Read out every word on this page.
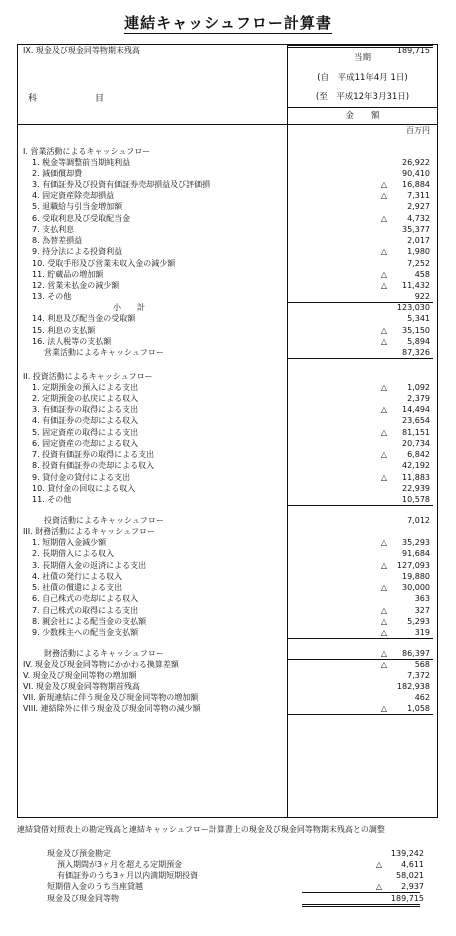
連結キャッシュフロー計算書
科	目
当期
(自　平成11年4月 1日)
(至　平成12年3月31日)
金　　額
百万円
I. 営業活動によるキャッシュフロー
1. 税金等調整前当期純利益	26,922
2. 減価償却費	90,410
3. 有価証券及び投資有価証券売却損益及び評価損	△ 16,884
4. 固定資産除売却損益	△	7,311
5. 退職給与引当金増加額	2,927
6. 受取利息及び受取配当金	△	4,732
7. 支払利息	35,377
8. 為替差損益	2,017
9. 持分法による投資利益	△	1,980
10. 受取手形及び営業未収入金の減少額	7,252
11. 貯蔵品の増加額	△	458
12. 営業未払金の減少額	△ 11,432
13. その他	922
小　　計	123,030
14. 利息及び配当金の受取額	5,341
15. 利息の支払額	△ 35,150
16. 法人税等の支払額	△	5,894
営業活動によるキャッシュフロー	87,326
II. 投資活動によるキャッシュフロー
1. 定期預金の預入による支出	△	1,092
2. 定期預金の払戻による収入	2,379
3. 有価証券の取得による支出	△ 14,494
4. 有価証券の売却による収入	23,654
5. 固定資産の取得による支出	△ 81,151
6. 固定資産の売却による収入	20,734
7. 投資有価証券の取得による支出	△	6,842
8. 投資有価証券の売却による収入	42,192
9. 貸付金の貸付による支出	△ 11,883
10. 貸付金の回収による収入	22,939
11. その他	10,578
投資活動によるキャッシュフロー	7,012
III. 財務活動によるキャッシュフロー
1. 短期借入金減少額	△ 35,293
2. 長期借入による収入	91,684
3. 長期借入金の返済による支出	△ 127,093
4. 社債の発行による収入	19,880
5. 社債の償還による支出	△ 30,000
6. 自己株式の売却による収入	363
7. 自己株式の取得による支出	△	327
8. 親会社による配当金の支払額	△	5,293
9. 少数株主への配当金支払額	△	319
財務活動によるキャッシュフロー	△ 86,397
IV. 現金及び現金同等物にかかわる換算差額	△	568
V. 現金及び現金同等物の増加額	7,372
VI. 現金及び現金同等物期首残高	182,938
VII. 新規連結に伴う現金及び現金同等物の増加額	462
VIII. 連結除外に伴う現金及び現金同等物の減少額	△	1,058
IX. 現金及び現金同等物期末残高	189,715
連結貸借対照表上の勘定残高と連結キャッシュフロー計算書上の現金及び現金同等物期末残高との調整
現金及び預金勘定	139,242
預入期間が3ヶ月を超える定期預金	△ 4,611
有価証券のうち3ヶ月以内満期短期投資	58,021
短期借入金のうち当座貸越	△ 2,937
現金及び現金同等物	189,715
